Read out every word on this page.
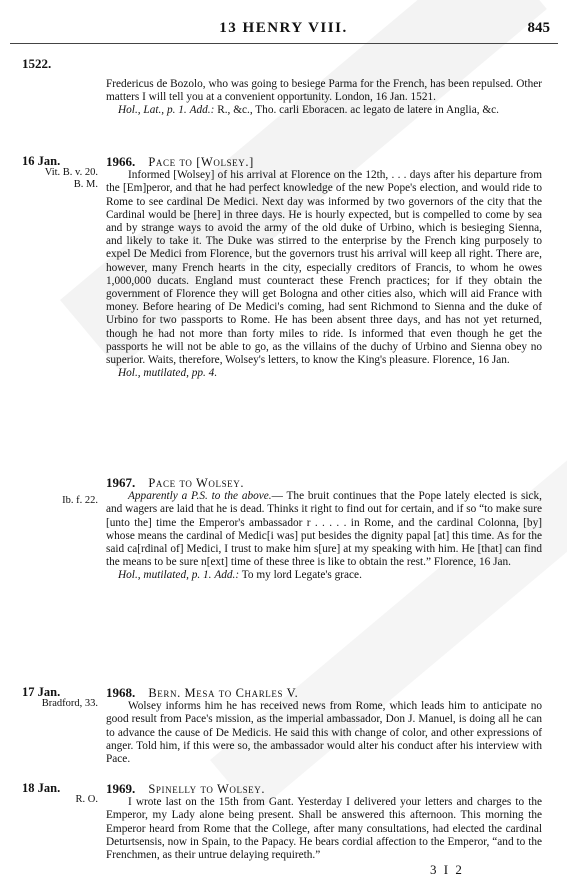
13 HENRY VIII.	845
1522.

Fredericus de Bozolo, who was going to besiege Parma for the French, has been repulsed. Other matters I will tell you at a convenient opportunity. London, 16 Jan. 1521.

Hol., Lat., p. 1. Add.: R., &c., Tho. carli Eboracen. ac legato de latere in Anglia, &c.

16 Jan.
Vit. B. v. 20.
B. M.

1966. Pace to [Wolsey.]

Informed [Wolsey] of his arrival at Florence on the 12th, . . . days after his departure from the [Em]peror, and that he had perfect knowledge of the new Pope's election, and would ride to Rome to see cardinal De Medici. Next day was informed by two governors of the city that the Cardinal would be [here] in three days. He is hourly expected, but is compelled to come by sea and by strange ways to avoid the army of the old duke of Urbino, which is besieging Sienna, and likely to take it. The Duke was stirred to the enterprise by the French king purposely to expel De Medici from Florence, but the governors trust his arrival will keep all right. There are, however, many French hearts in the city, especially creditors of Francis, to whom he owes 1,000,000 ducats. England must counteract these French practices; for if they obtain the government of Florence they will get Bologna and other cities also, which will aid France with money. Before hearing of De Medici's coming, had sent Richmond to Sienna and the duke of Urbino for two passports to Rome. He has been absent three days, and has not yet returned, though he had not more than forty miles to ride. Is informed that even though he get the passports he will not be able to go, as the villains of the duchy of Urbino and Sienna obey no superior. Waits, therefore, Wolsey's letters, to know the King's pleasure. Florence, 16 Jan.

Hol., mutilated, pp. 4.

Ib. f. 22.

1967. Pace to Wolsey.

Apparently a P.S. to the above.— The bruit continues that the Pope lately elected is sick, and wagers are laid that he is dead. Thinks it right to find out for certain, and if so “to make sure [unto the] time the Emperor's ambassador r . . . . . in Rome, and the cardinal Colonna, [by] whose means the cardinal of Medic[i was] put besides the dignity papal [at] this time. As for the said ca[rdinal of] Medici, I trust to make him s[ure] at my speaking with him. He [that] can find the means to be sure n[ext] time of these three is like to obtain the rest.” Florence, 16 Jan.

Hol., mutilated, p. 1. Add.: To my lord Legate's grace.

17 Jan.
Bradford, 33.

1968. Bern. Mesa to Charles V.

Wolsey informs him he has received news from Rome, which leads him to anticipate no good result from Pace's mission, as the imperial ambassador, Don J. Manuel, is doing all he can to advance the cause of De Medicis. He said this with change of color, and other expressions of anger. Told him, if this were so, the ambassador would alter his conduct after his interview with Pace.

18 Jan.
R. O.

1969. Spinelly to Wolsey.

I wrote last on the 15th from Gant. Yesterday I delivered your letters and charges to the Emperor, my Lady alone being present. Shall be answered this afternoon. This morning the Emperor heard from Rome that the College, after many consultations, had elected the cardinal Deturtsensis, now in Spain, to the Papacy. He bears cordial affection to the Emperor, “and to the Frenchmen, as their untrue delaying requireth.”

3 I 2
